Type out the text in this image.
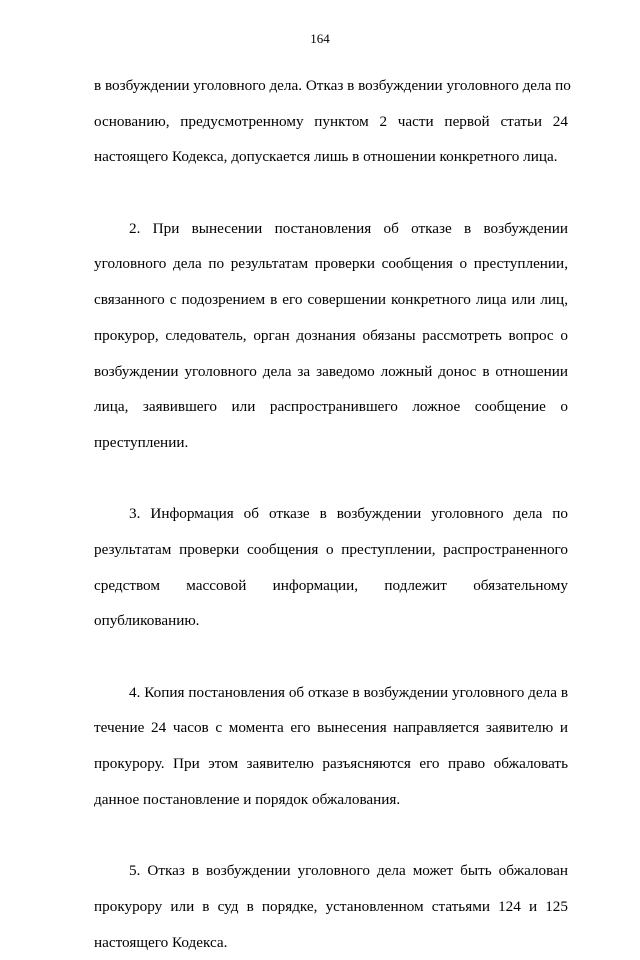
164
в возбуждении уголовного дела. Отказ в возбуждении уголовного дела по
основанию, предусмотренному пунктом 2 части первой статьи 24
настоящего Кодекса, допускается лишь в отношении конкретного лица.
2. При вынесении постановления об отказе в возбуждении
уголовного дела по результатам проверки сообщения о преступлении,
связанного с подозрением в его совершении конкретного лица или лиц,
прокурор, следователь, орган дознания обязаны рассмотреть вопрос о
возбуждении уголовного дела за заведомо ложный донос в отношении
лица, заявившего или распространившего ложное сообщение о
преступлении.
3. Информация об отказе в возбуждении уголовного дела по
результатам проверки сообщения о преступлении, распространенного
средством массовой информации, подлежит обязательному
опубликованию.
4. Копия постановления об отказе в возбуждении уголовного дела в
течение 24 часов с момента его вынесения направляется заявителю и
прокурору. При этом заявителю разъясняются его право обжаловать
данное постановление и порядок обжалования.
5. Отказ в возбуждении уголовного дела может быть обжалован
прокурору или в суд в порядке, установленном статьями 124 и 125
настоящего Кодекса.
